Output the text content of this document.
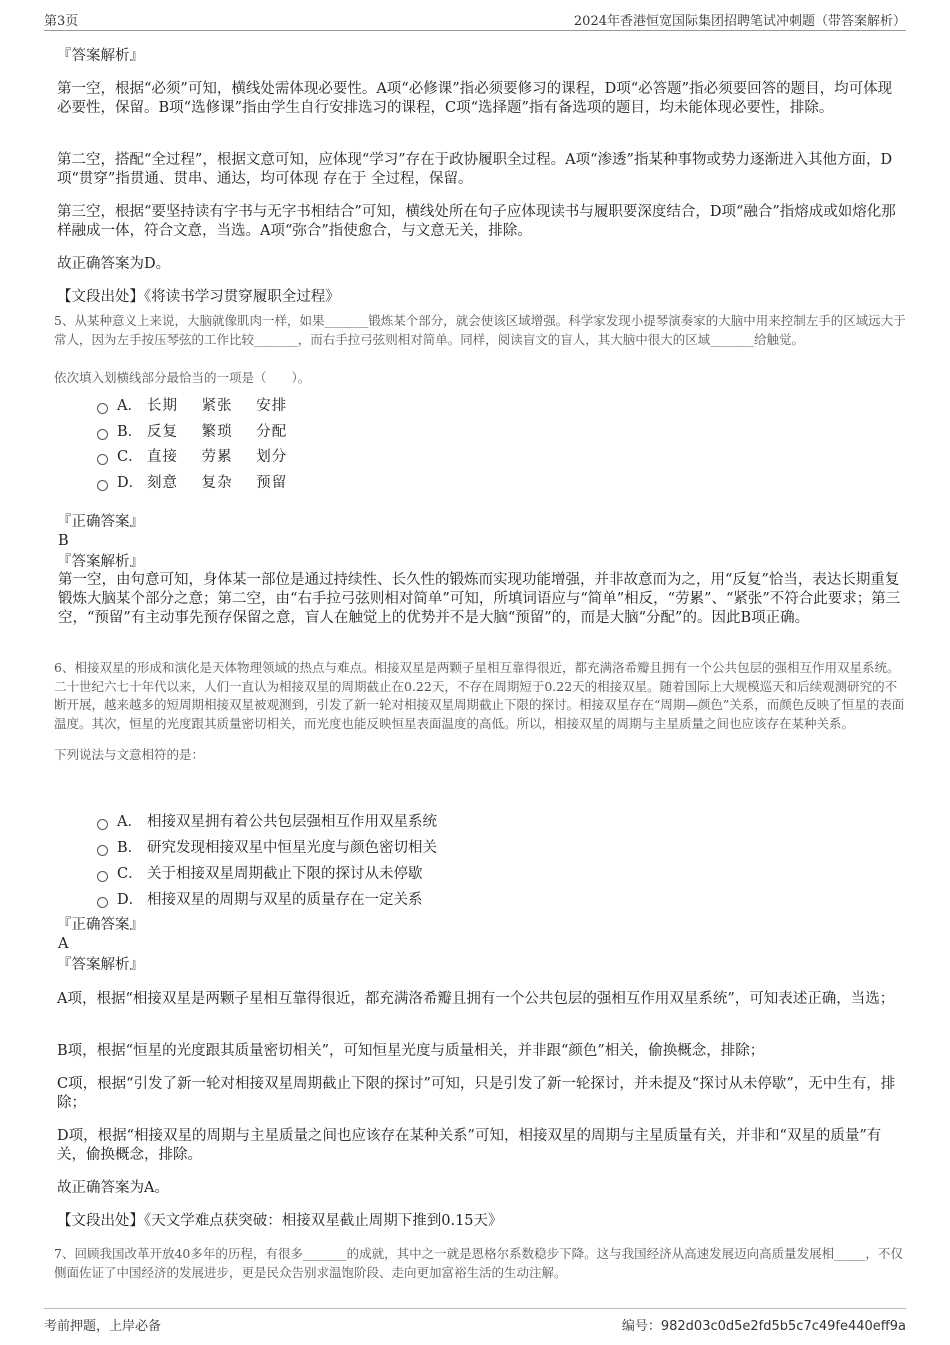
第3页	2024年香港恒宽国际集团招聘笔试冲刺题（带答案解析）

『答案解析』

第一空，根据“必须”可知，横线处需体现必要性。A项“必修课”指必须要修习的课程，D项“必答题”指必须要回答的题目，均可体现必要性，保留。B项“选修课”指由学生自行安排选习的课程，C项“选择题”指有备选项的题目，均未能体现必要性，排除。

第二空，搭配“全过程”，根据文意可知，应体现“学习”存在于政协履职全过程。A项“渗透”指某种事物或势力逐渐进入其他方面，D项“贯穿”指贯通、贯串、通达，均可体现 存在于 全过程，保留。

第三空，根据“要坚持读有字书与无字书相结合”可知，横线处所在句子应体现读书与履职要深度结合，D项“融合”指熔成或如熔化那样融成一体，符合文意，当选。A项“弥合”指使愈合，与文意无关，排除。

故正确答案为D。

【文段出处】《将读书学习贯穿履职全过程》

5、从某种意义上来说，大脑就像肌肉一样，如果_______锻炼某个部分，就会使该区域增强。科学家发现小提琴演奏家的大脑中用来控制左手的区域远大于常人，因为左手按压琴弦的工作比较_______，而右手拉弓弦则相对简单。同样，阅读盲文的盲人，其大脑中很大的区域_______给触觉。

依次填入划横线部分最恰当的一项是（　　）。

A． 长期 紧张 安排
B． 反复 繁琐 分配
C． 直接 劳累 划分
D． 刻意 复杂 预留

『正确答案』

B

『答案解析』

第一空，由句意可知，身体某一部位是通过持续性、长久性的锻炼而实现功能增强，并非故意而为之，用“反复”恰当，表达长期重复锻炼大脑某个部分之意；第二空，由“右手拉弓弦则相对简单”可知，所填词语应与“简单”相反，“劳累”、“紧张”不符合此要求；第三空，“预留”有主动事先预存保留之意，盲人在触觉上的优势并不是大脑“预留”的，而是大脑“分配”的。因此B项正确。

6、相接双星的形成和演化是天体物理领域的热点与难点。相接双星是两颗子星相互靠得很近，都充满洛希瓣且拥有一个公共包层的强相互作用双星系统。二十世纪六七十年代以来，人们一直认为相接双星的周期截止在0.22天，不存在周期短于0.22天的相接双星。随着国际上大规模巡天和后续观测研究的不断开展，越来越多的短周期相接双星被观测到，引发了新一轮对相接双星周期截止下限的探讨。相接双星存在“周期—颜色”关系，而颜色反映了恒星的表面温度。其次，恒星的光度跟其质量密切相关，而光度也能反映恒星表面温度的高低。所以，相接双星的周期与主星质量之间也应该存在某种关系。

下列说法与文意相符的是：

A． 相接双星拥有着公共包层强相互作用双星系统
B． 研究发现相接双星中恒星光度与颜色密切相关
C． 关于相接双星周期截止下限的探讨从未停歇
D． 相接双星的周期与双星的质量存在一定关系

『正确答案』

A

『答案解析』

A项，根据“相接双星是两颗子星相互靠得很近，都充满洛希瓣且拥有一个公共包层的强相互作用双星系统”，可知表述正确，当选；

B项，根据“恒星的光度跟其质量密切相关”，可知恒星光度与质量相关，并非跟“颜色”相关，偷换概念，排除；

C项，根据“引发了新一轮对相接双星周期截止下限的探讨”可知，只是引发了新一轮探讨，并未提及“探讨从未停歇”，无中生有，排除；

D项，根据“相接双星的周期与主星质量之间也应该存在某种关系”可知，相接双星的周期与主星质量有关，并非和“双星的质量”有关，偷换概念，排除。

故正确答案为A。

【文段出处】《天文学难点获突破：相接双星截止周期下推到0.15天》

7、回顾我国改革开放40多年的历程，有很多_______的成就，其中之一就是恩格尔系数稳步下降。这与我国经济从高速发展迈向高质量发展相_____，不仅侧面佐证了中国经济的发展进步，更是民众告别求温饱阶段、走向更加富裕生活的生动注解。

考前押题，上岸必备	编号：982d03c0d5e2fd5b5c7c49fe440eff9a
